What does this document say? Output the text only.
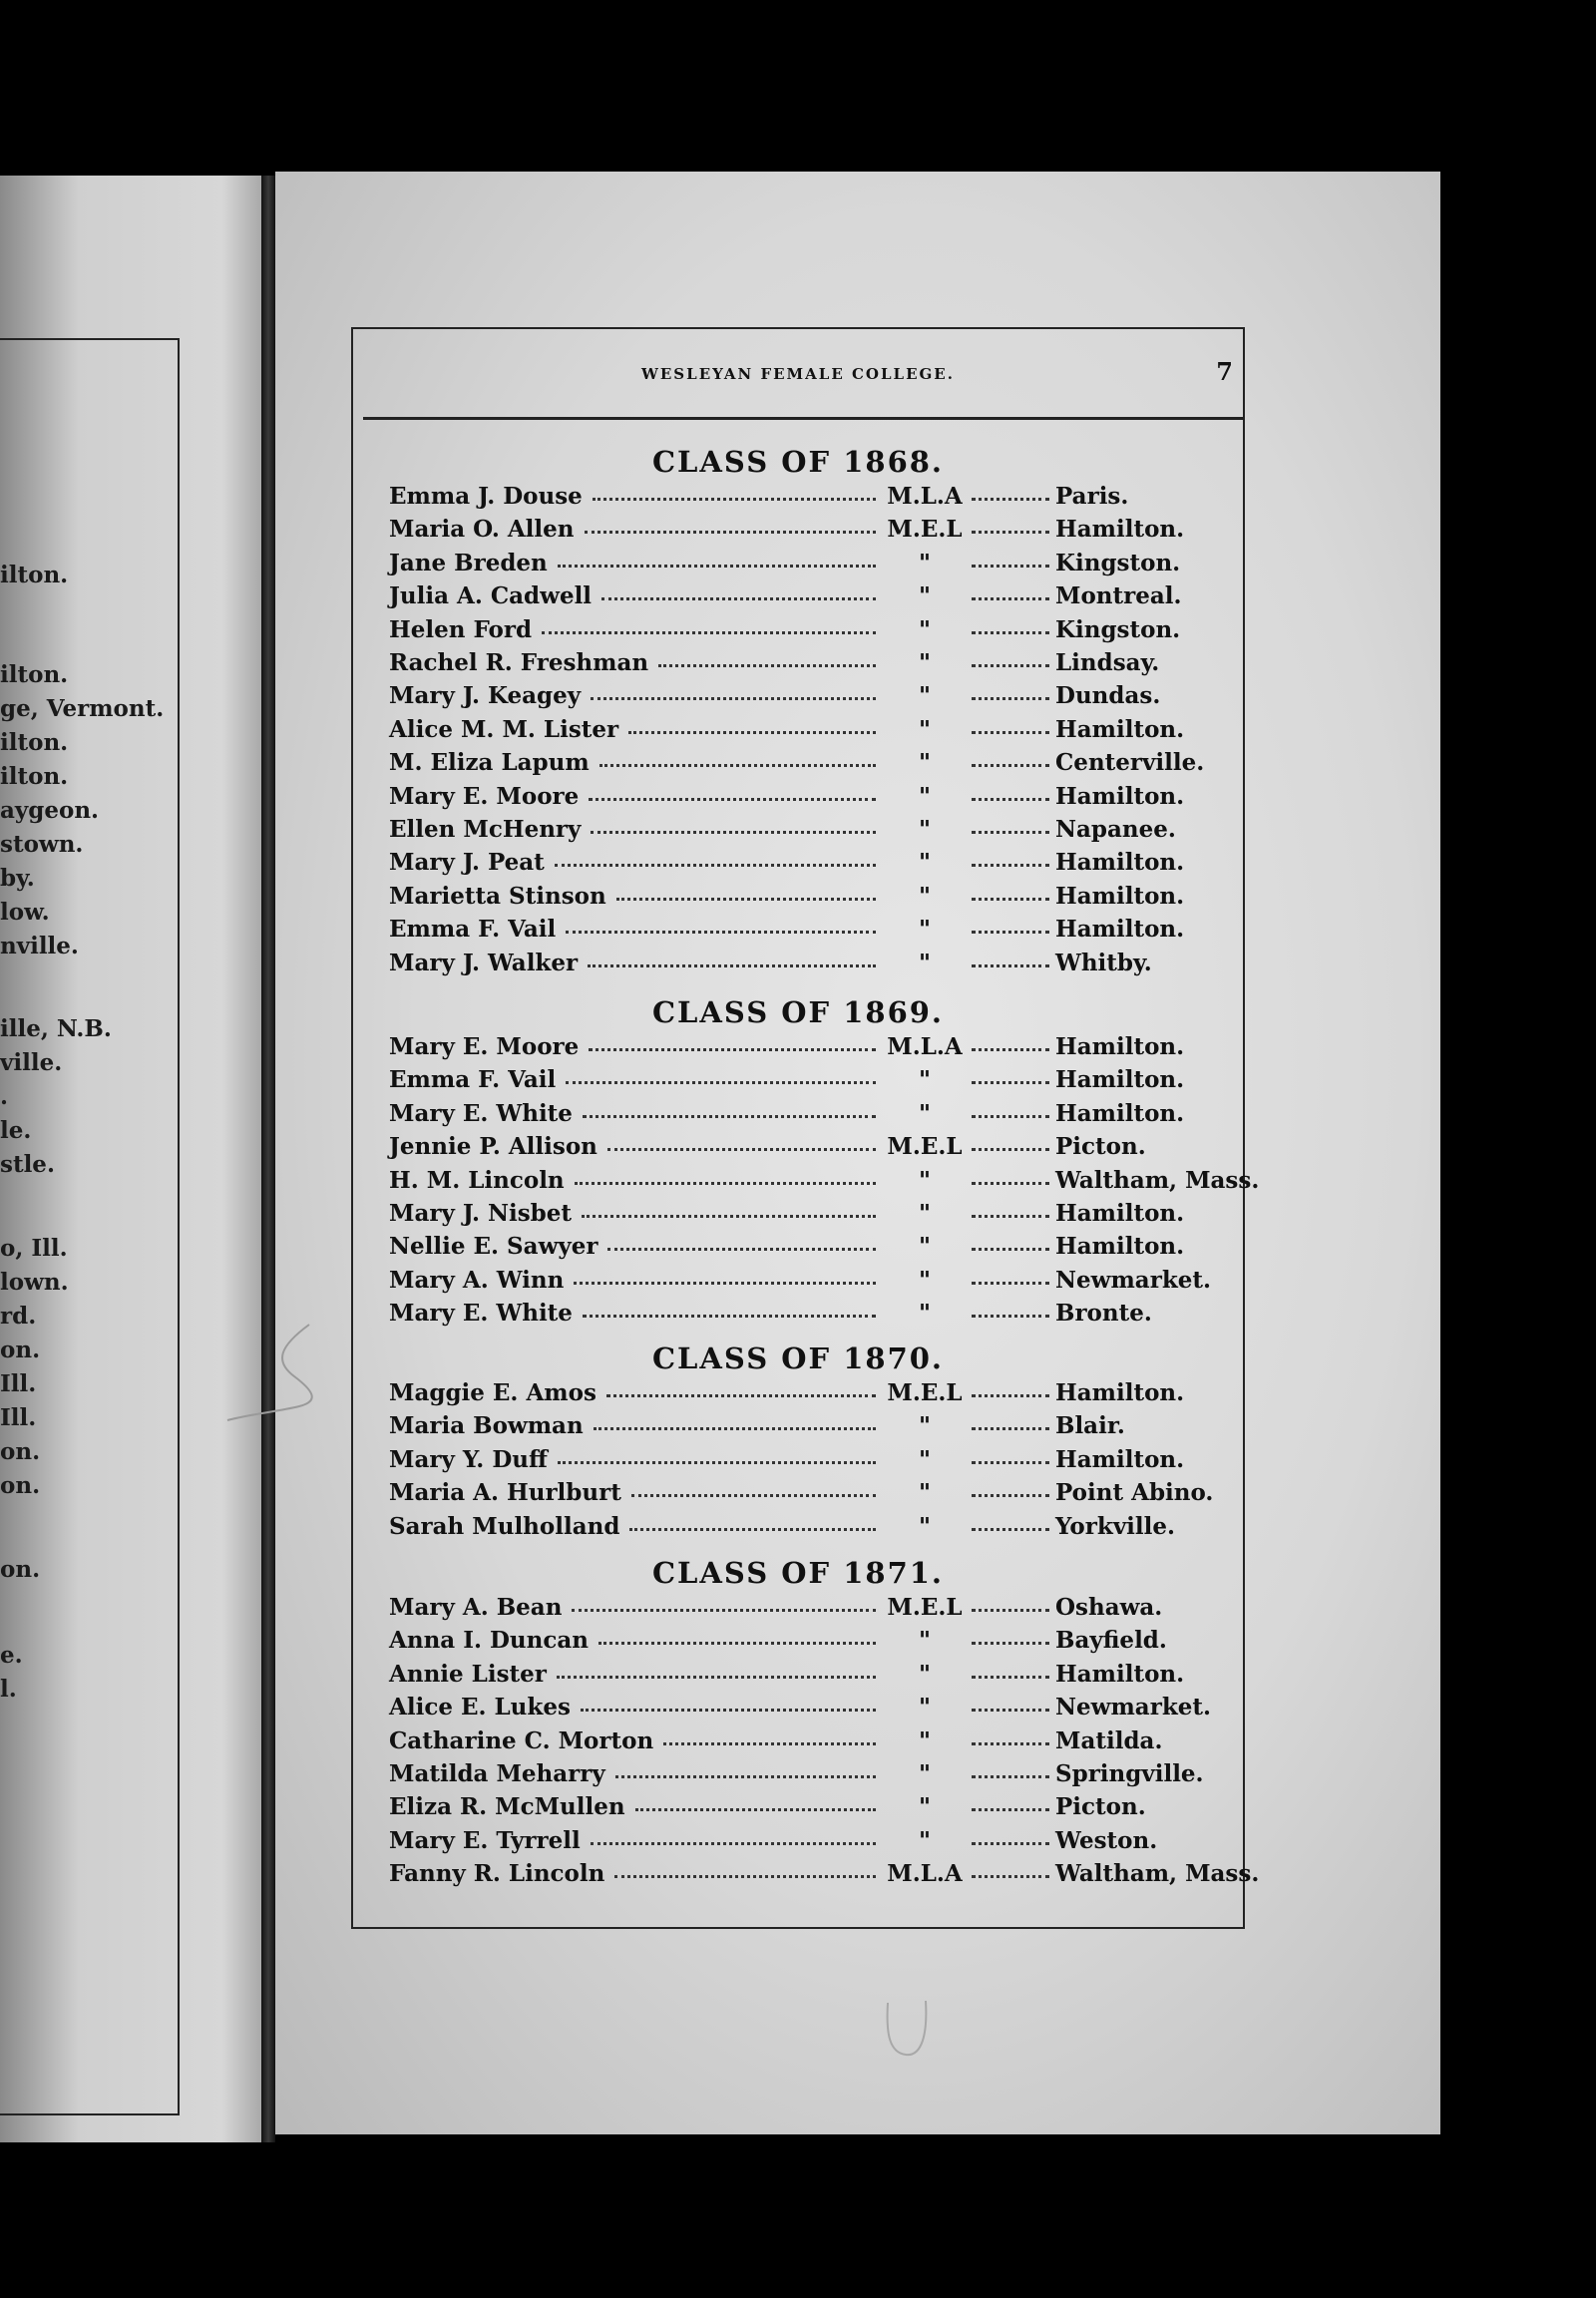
ilton.
ilton.
ge, Vermont.
ilton.
ilton.
aygeon.
stown.
by.
low.
nville.
ille, N.B.
ville.
.
le.
stle.
o, Ill.
lown.
rd.
on.
Ill.
Ill.
on.
on.
on.
e.
l.
WESLEYAN FEMALE COLLEGE.	7
CLASS OF 1868.
Emma J. Douse	M.L.A	Paris.
Maria O. Allen	M.E.L	Hamilton.
Jane Breden	"	Kingston.
Julia A. Cadwell	"	Montreal.
Helen Ford	"	Kingston.
Rachel R. Freshman	"	Lindsay.
Mary J. Keagey	"	Dundas.
Alice M. M. Lister	"	Hamilton.
M. Eliza Lapum	"	Centerville.
Mary E. Moore	"	Hamilton.
Ellen McHenry	"	Napanee.
Mary J. Peat	"	Hamilton.
Marietta Stinson	"	Hamilton.
Emma F. Vail	"	Hamilton.
Mary J. Walker	"	Whitby.
CLASS OF 1869.
Mary E. Moore	M.L.A	Hamilton.
Emma F. Vail	"	Hamilton.
Mary E. White	"	Hamilton.
Jennie P. Allison	M.E.L	Picton.
H. M. Lincoln	"	Waltham, Mass.
Mary J. Nisbet	"	Hamilton.
Nellie E. Sawyer	"	Hamilton.
Mary A. Winn	"	Newmarket.
Mary E. White	"	Bronte.
CLASS OF 1870.
Maggie E. Amos	M.E.L	Hamilton.
Maria Bowman	"	Blair.
Mary Y. Duff	"	Hamilton.
Maria A. Hurlburt	"	Point Abino.
Sarah Mulholland	"	Yorkville.
CLASS OF 1871.
Mary A. Bean	M.E.L	Oshawa.
Anna I. Duncan	"	Bayfield.
Annie Lister	"	Hamilton.
Alice E. Lukes	"	Newmarket.
Catharine C. Morton	"	Matilda.
Matilda Meharry	"	Springville.
Eliza R. McMullen	"	Picton.
Mary E. Tyrrell	"	Weston.
Fanny R. Lincoln	M.L.A	Waltham, Mass.
